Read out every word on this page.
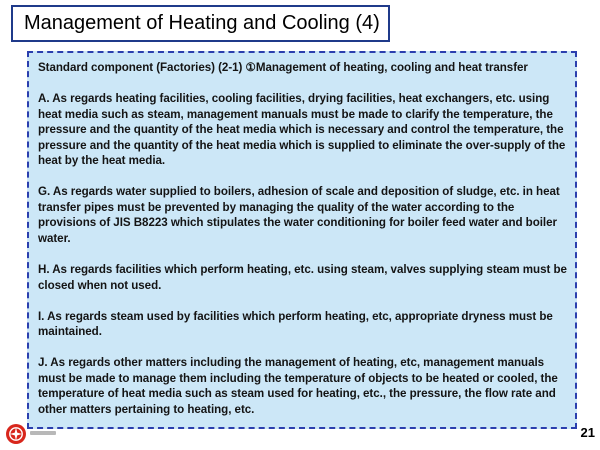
Management of Heating and Cooling (4)

Standard component (Factories) (2-1) ①Management of heating, cooling and heat transfer

A. As regards heating facilities, cooling facilities, drying facilities, heat exchangers, etc. using heat media such as steam, management manuals must be made to clarify the temperature, the pressure and the quantity of the heat media which is necessary and control the temperature, the pressure and the quantity of the heat media which is supplied to eliminate the over-supply of the heat by the heat media.

G. As regards water supplied to boilers, adhesion of scale and deposition of sludge, etc. in heat transfer pipes must be prevented by managing the quality of the water according to the provisions of JIS B8223 which stipulates the water conditioning for boiler feed water and boiler water.

H. As regards facilities which perform heating, etc. using steam, valves supplying steam must be closed when not used.

I. As regards steam used by facilities which perform heating, etc, appropriate dryness must be maintained.

J. As regards other matters including the management of heating, etc, management manuals must be made to manage them including the temperature of objects to be heated or cooled, the temperature of heat media such as steam used for heating, etc., the pressure, the flow rate and other matters pertaining to heating, etc.

21
